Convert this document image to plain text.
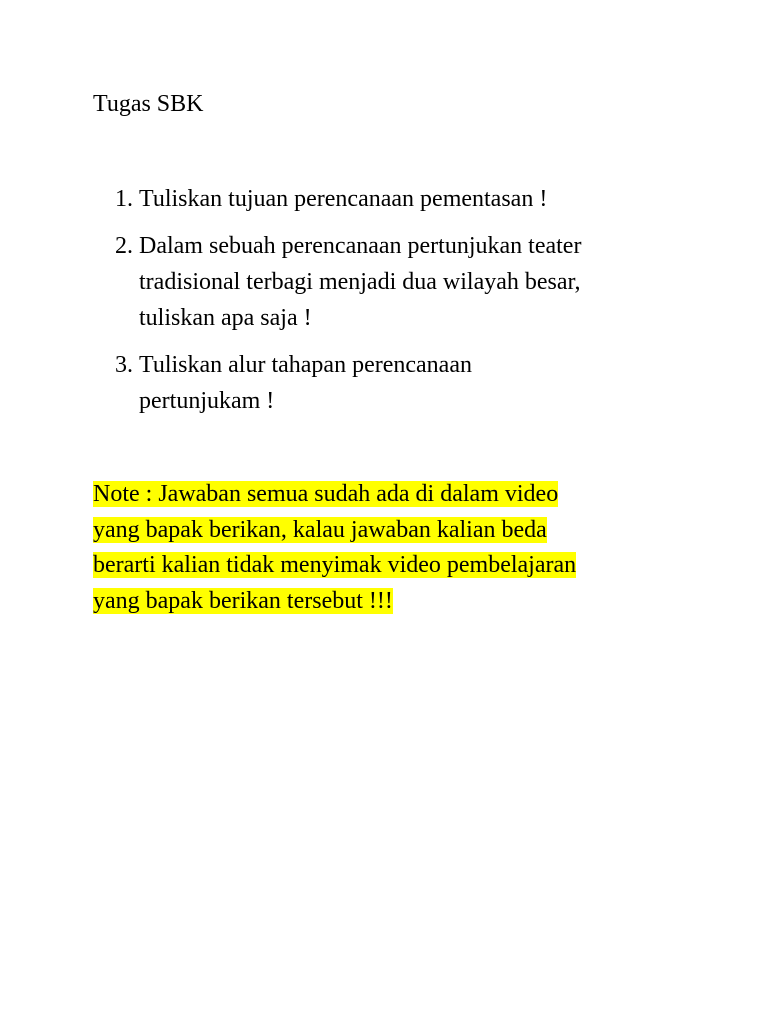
Tugas SBK
1. Tuliskan tujuan perencanaan pementasan !
2. Dalam sebuah perencanaan pertunjukan teater
tradisional terbagi menjadi dua wilayah besar,
tuliskan apa saja !
3. Tuliskan alur tahapan perencanaan
pertunjukam !

Note : Jawaban semua sudah ada di dalam video
yang bapak berikan, kalau jawaban kalian beda
berarti kalian tidak menyimak video pembelajaran
yang bapak berikan tersebut !!!
